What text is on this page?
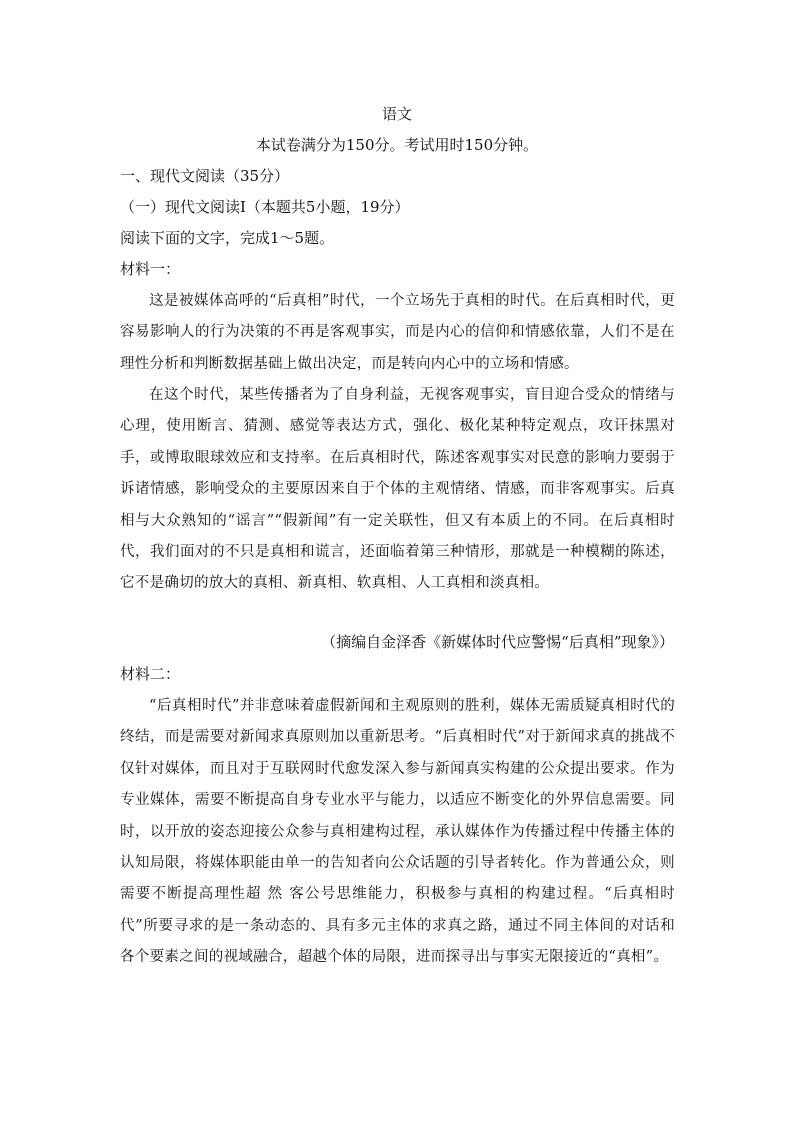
语文
本试卷满分为150分。考试用时150分钟。
一、现代文阅读（35分）
（一）现代文阅读Ⅰ（本题共5小题，19分）
阅读下面的文字，完成1～5题。
材料一：
这是被媒体高呼的“后真相”时代，一个立场先于真相的时代。在后真相时代，更容易影响人的行为决策的不再是客观事实，而是内心的信仰和情感依靠，人们不是在理性分析和判断数据基础上做出决定，而是转向内心中的立场和情感。
在这个时代，某些传播者为了自身利益，无视客观事实，盲目迎合受众的情绪与心理，使用断言、猜测、感觉等表达方式，强化、极化某种特定观点，攻讦抹黑对手，或博取眼球效应和支持率。在后真相时代，陈述客观事实对民意的影响力要弱于诉诸情感，影响受众的主要原因来自于个体的主观情绪、情感，而非客观事实。后真相与大众熟知的“谣言”“假新闻”有一定关联性，但又有本质上的不同。在后真相时代，我们面对的不只是真相和谎言，还面临着第三种情形，那就是一种模糊的陈述，它不是确切的放大的真相、新真相、软真相、人工真相和淡真相。
（摘编自金泽香《新媒体时代应警惕“后真相”现象》）
材料二：
“后真相时代”并非意味着虚假新闻和主观原则的胜利，媒体无需质疑真相时代的终结，而是需要对新闻求真原则加以重新思考。“后真相时代”对于新闻求真的挑战不仅针对媒体，而且对于互联网时代愈发深入参与新闻真实构建的公众提出要求。作为专业媒体，需要不断提高自身专业水平与能力，以适应不断变化的外界信息需要。同时，以开放的姿态迎接公众参与真相建构过程，承认媒体作为传播过程中传播主体的认知局限，将媒体职能由单一的告知者向公众话题的引导者转化。作为普通公众，则需要不断提高理性超 然 客公号思维能力，积极参与真相的构建过程。“后真相时代”所要寻求的是一条动态的、具有多元主体的求真之路，通过不同主体间的对话和各个要素之间的视域融合，超越个体的局限，进而探寻出与事实无限接近的“真相”。
